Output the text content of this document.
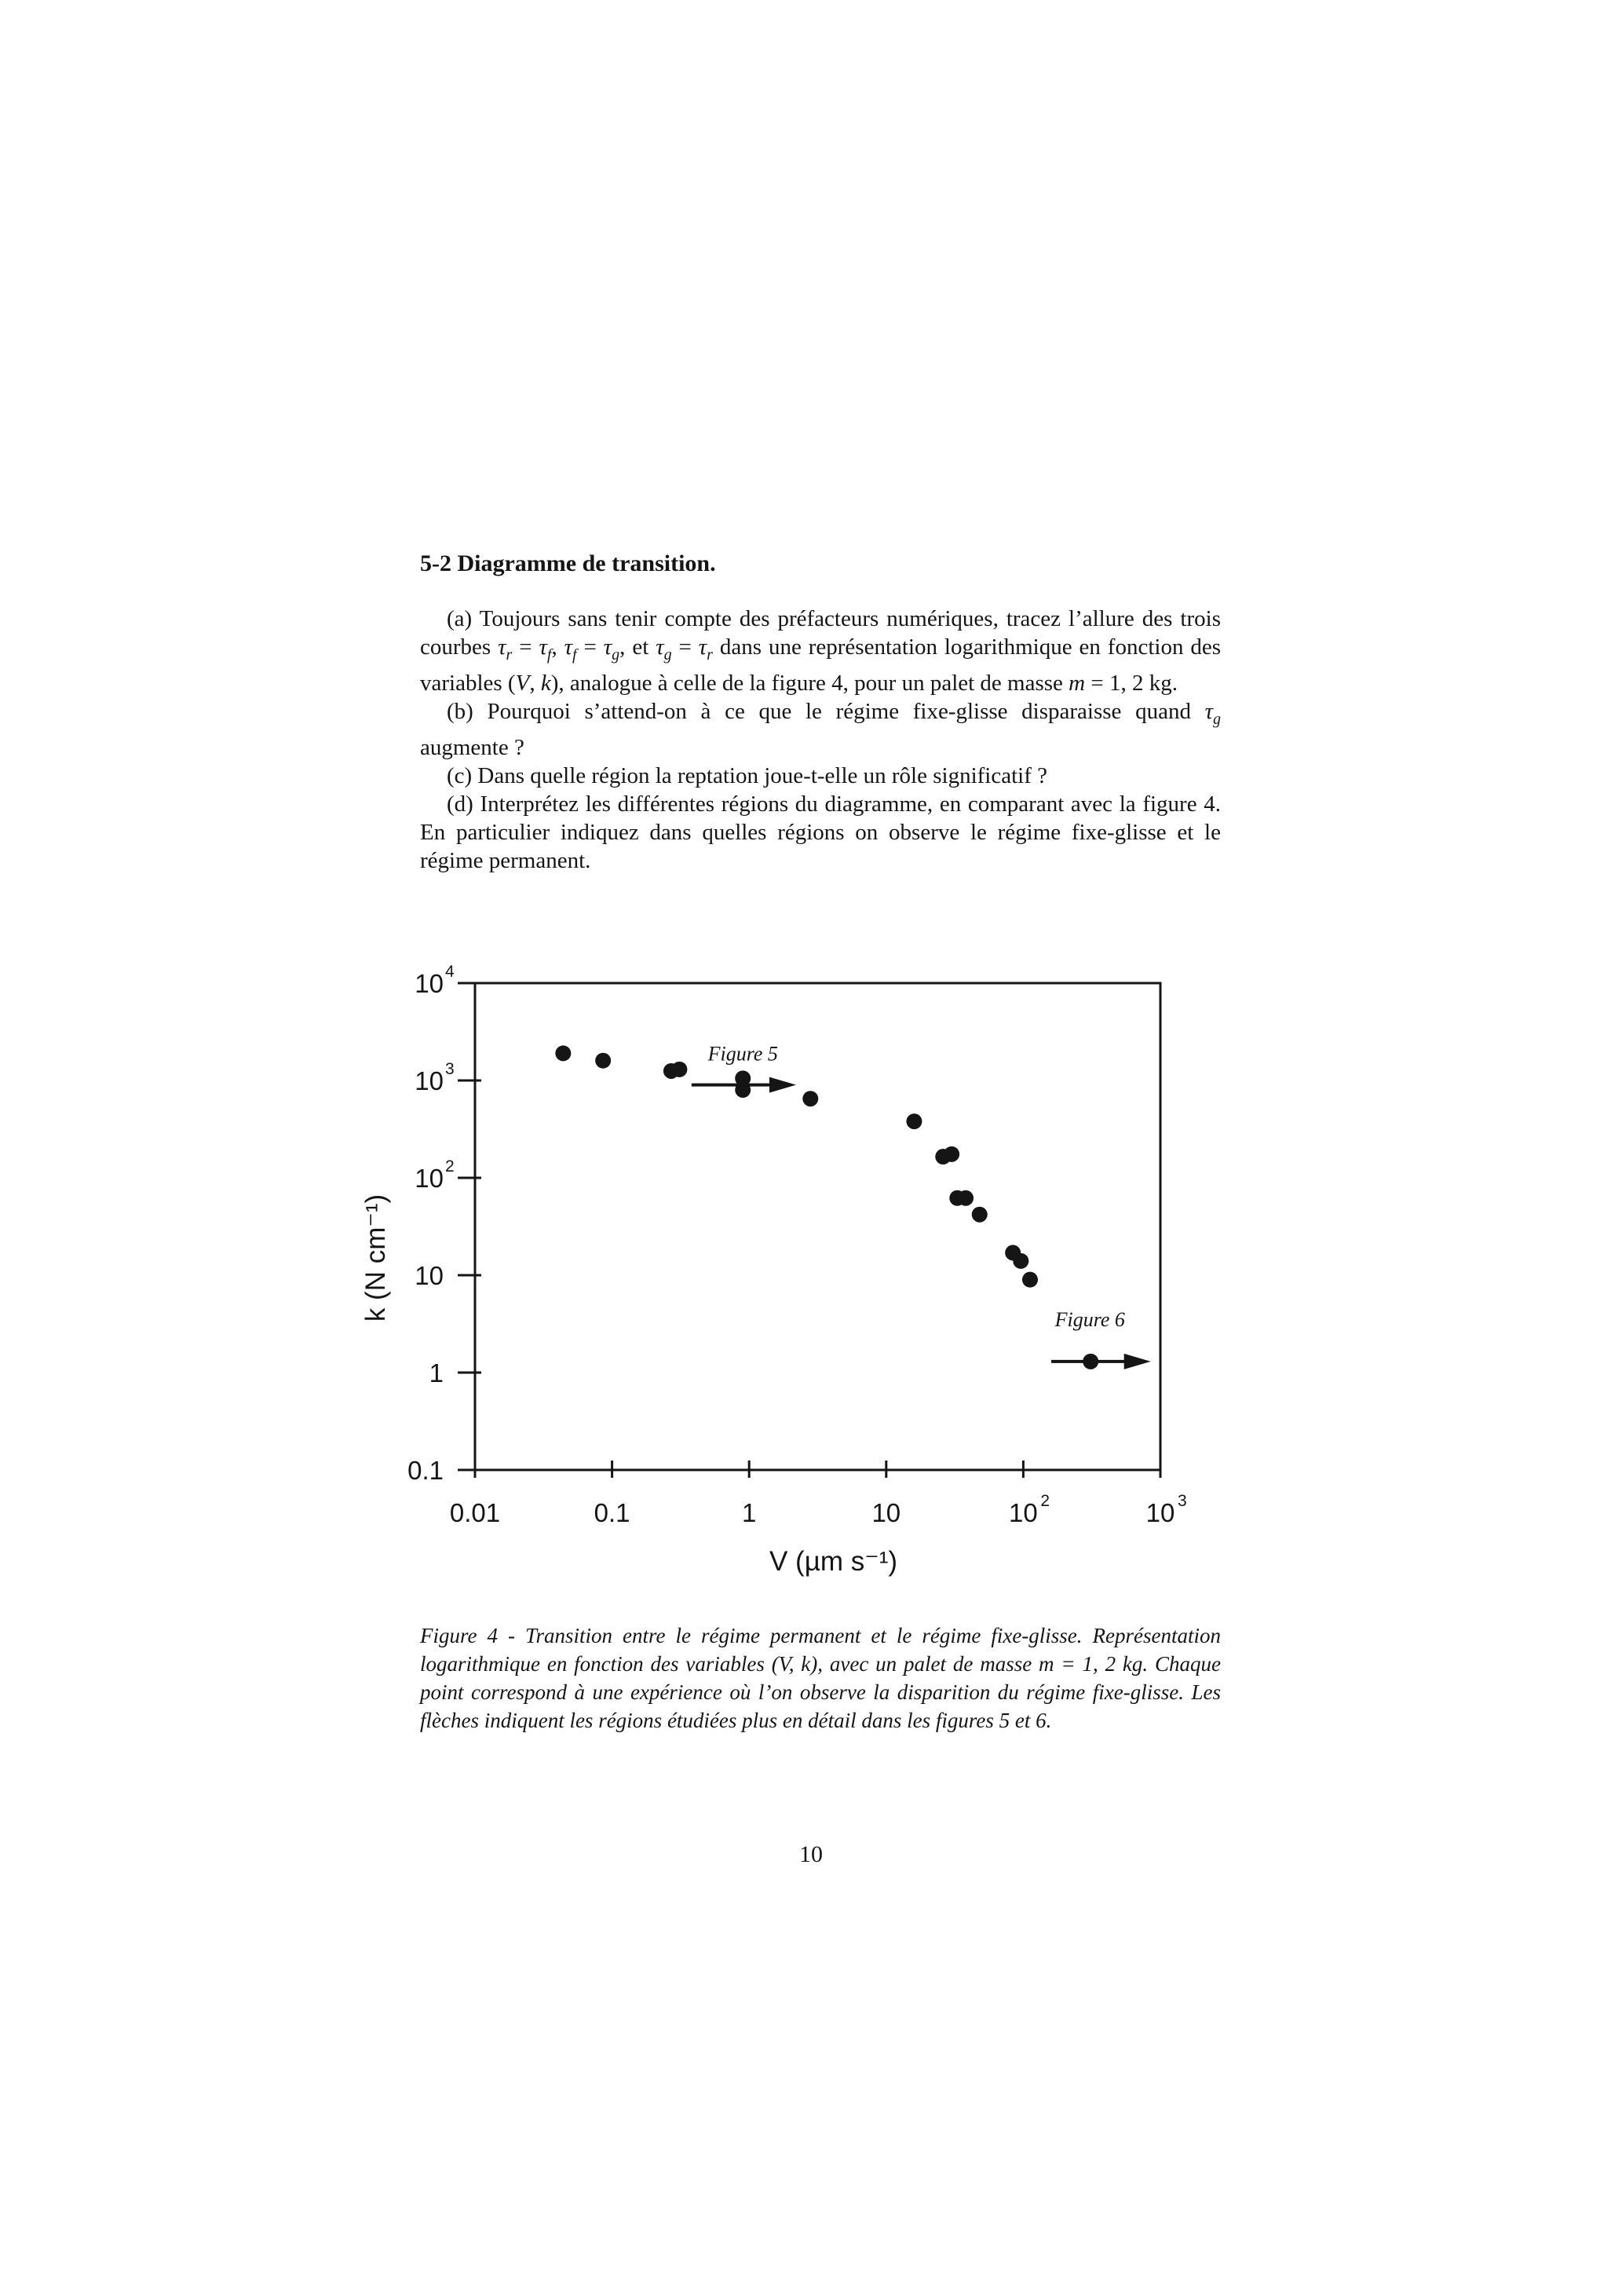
5-2 Diagramme de transition.

(a) Toujours sans tenir compte des préfacteurs numériques, tracez l’allure des trois courbes $\tau_r = \tau_f$, $\tau_f = \tau_g$, et $\tau_g = \tau_r$ dans une représentation logarithmique en fonction des variables (V, k), analogue à celle de la figure 4, pour un palet de masse m = 1, 2 kg.

(b) Pourquoi s’attend-on à ce que le régime fixe-glisse disparaisse quand $\tau_g$ augmente ?

(c) Dans quelle région la reptation joue-t-elle un rôle significatif ?

(d) Interprétez les différentes régions du diagramme, en comparant avec la figure 4. En particulier indiquez dans quelles régions on observe le régime fixe-glisse et le régime permanent.

0.01	0.1	1	10	10 2	10 3
0.1
1
10
10 2
10 3
10 4
Figure 5
Figure 6
V (µm s⁻¹)
k (N cm⁻¹)
Figure 4 - Transition entre le régime permanent et le régime fixe-glisse. Représentation logarithmique en fonction des variables (V, k), avec un palet de masse m = 1, 2 kg. Chaque point correspond à une expérience où l’on observe la disparition du régime fixe-glisse. Les flèches indiquent les régions étudiées plus en détail dans les figures 5 et 6.
10
